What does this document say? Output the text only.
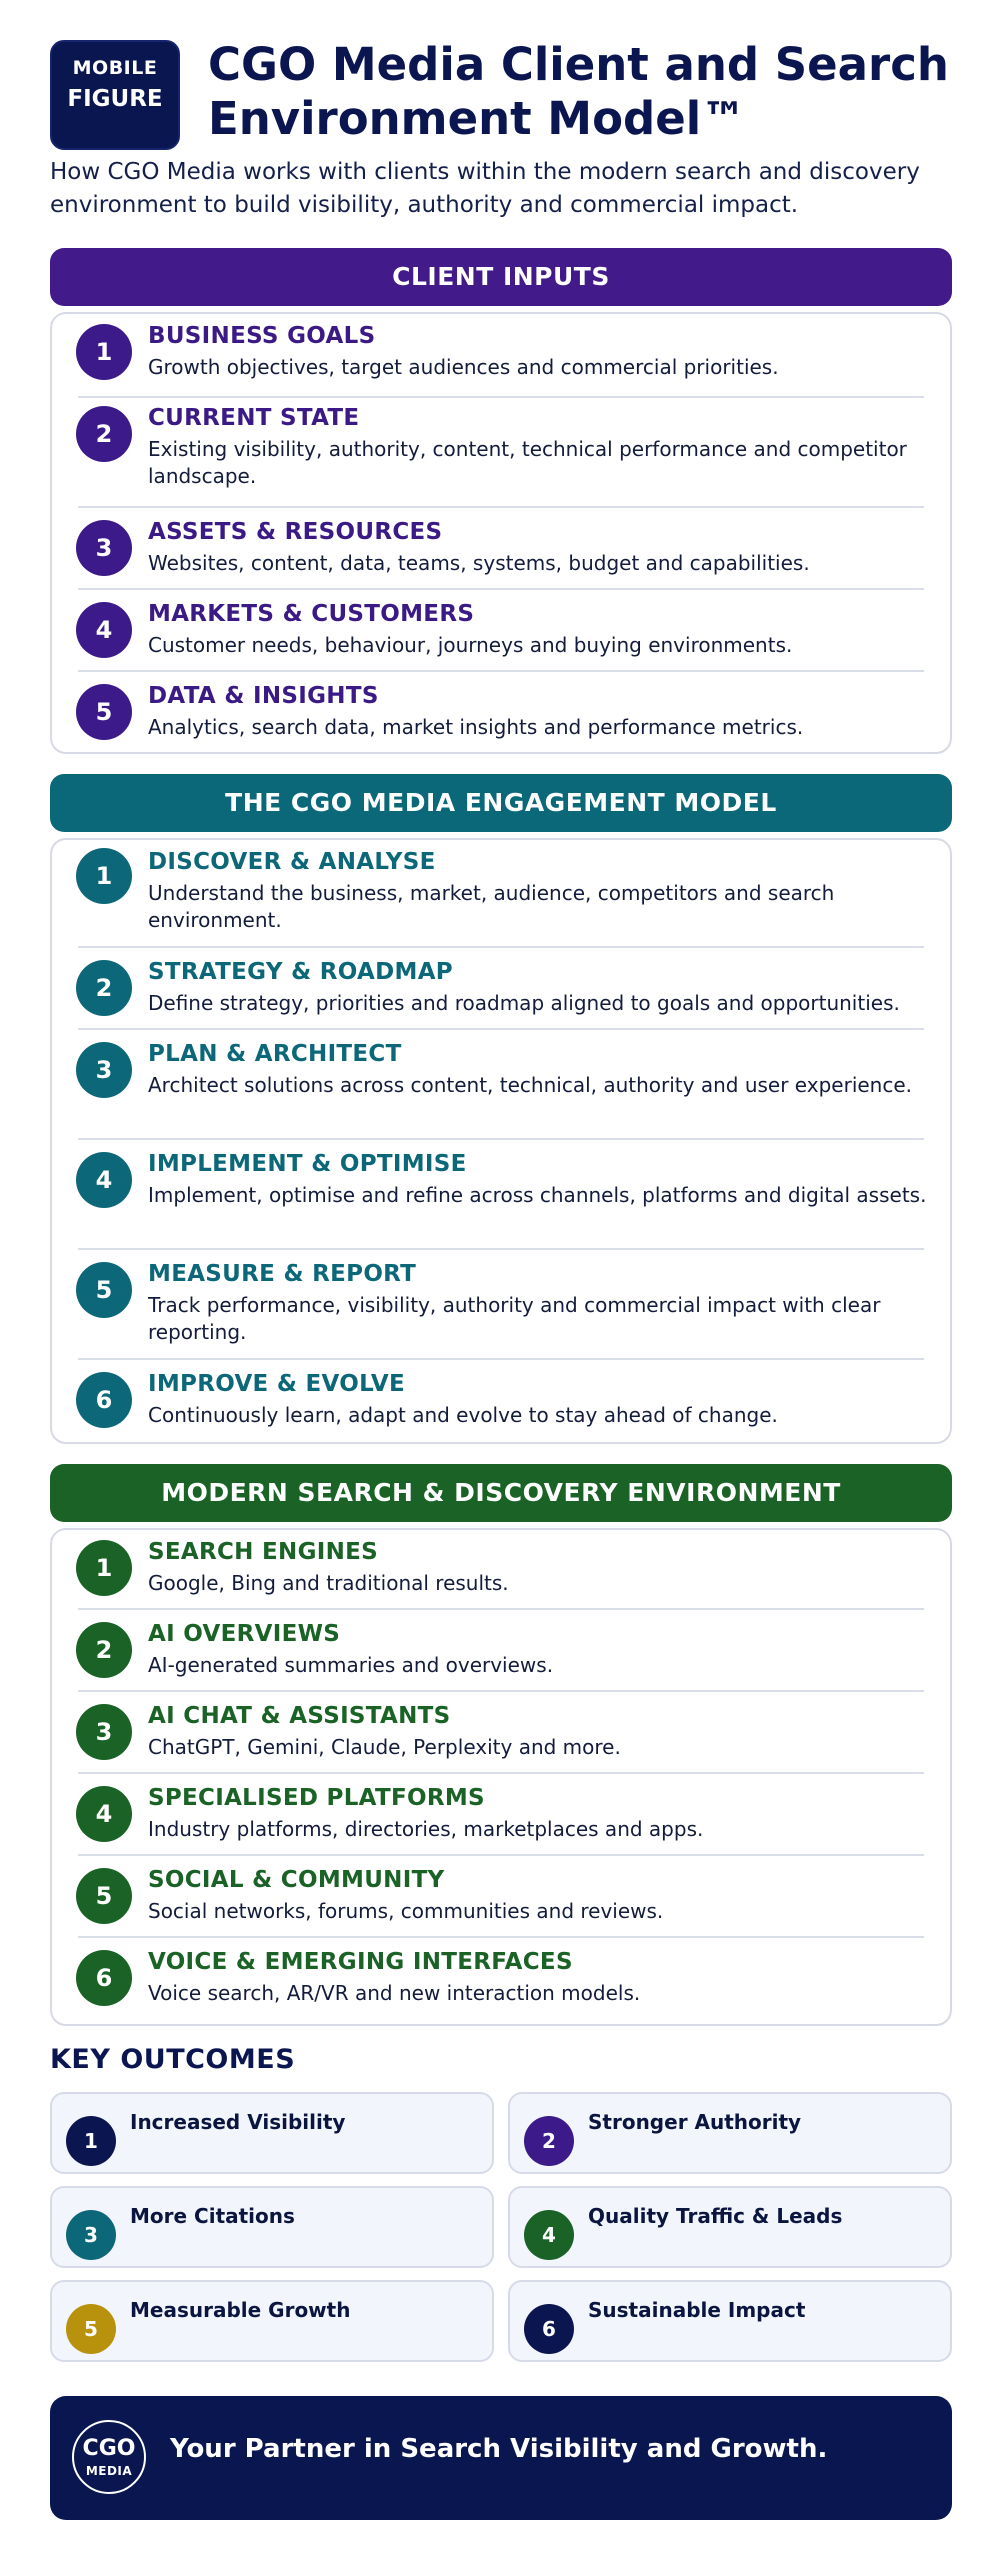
MOBILE
FIGURE
CGO Media Client and Search Environment Model™
How CGO Media works with clients within the modern search and discovery environment to build visibility, authority and commercial impact.
CLIENT INPUTS
1
BUSINESS GOALS
Growth objectives, target audiences and commercial priorities.
2
CURRENT STATE
Existing visibility, authority, content, technical performance and competitor landscape.
3
ASSETS & RESOURCES
Websites, content, data, teams, systems, budget and capabilities.
4
MARKETS & CUSTOMERS
Customer needs, behaviour, journeys and buying environments.
5
DATA & INSIGHTS
Analytics, search data, market insights and performance metrics.
THE CGO MEDIA ENGAGEMENT MODEL
1	DISCOVER & ANALYSE
Understand the business, market, audience, competitors and search environment.
2
STRATEGY & ROADMAP
Define strategy, priorities and roadmap aligned to goals and opportunities.
3
PLAN & ARCHITECT
Architect solutions across content, technical, authority and user experience.
4
IMPLEMENT & OPTIMISE
Implement, optimise and refine across channels, platforms and digital assets.
5
MEASURE & REPORT
Track performance, visibility, authority and commercial impact with clear reporting.
6
IMPROVE & EVOLVE
Continuously learn, adapt and evolve to stay ahead of change.
MODERN SEARCH & DISCOVERY ENVIRONMENT
1
SEARCH ENGINES
Google, Bing and traditional results.
2
AI OVERVIEWS
AI-generated summaries and overviews.
3
AI CHAT & ASSISTANTS
ChatGPT, Gemini, Claude, Perplexity and more.
4
SPECIALISED PLATFORMS
Industry platforms, directories, marketplaces and apps.
5
SOCIAL & COMMUNITY
Social networks, forums, communities and reviews.
6
VOICE & EMERGING INTERFACES
Voice search, AR/VR and new interaction models.
KEY OUTCOMES
1
Increased Visibility
2
Stronger Authority
3
More Citations
4
Quality Traffic & Leads
5
Measurable Growth
6
Sustainable Impact
CGO
MEDIA
Your Partner in Search Visibility and Growth.
